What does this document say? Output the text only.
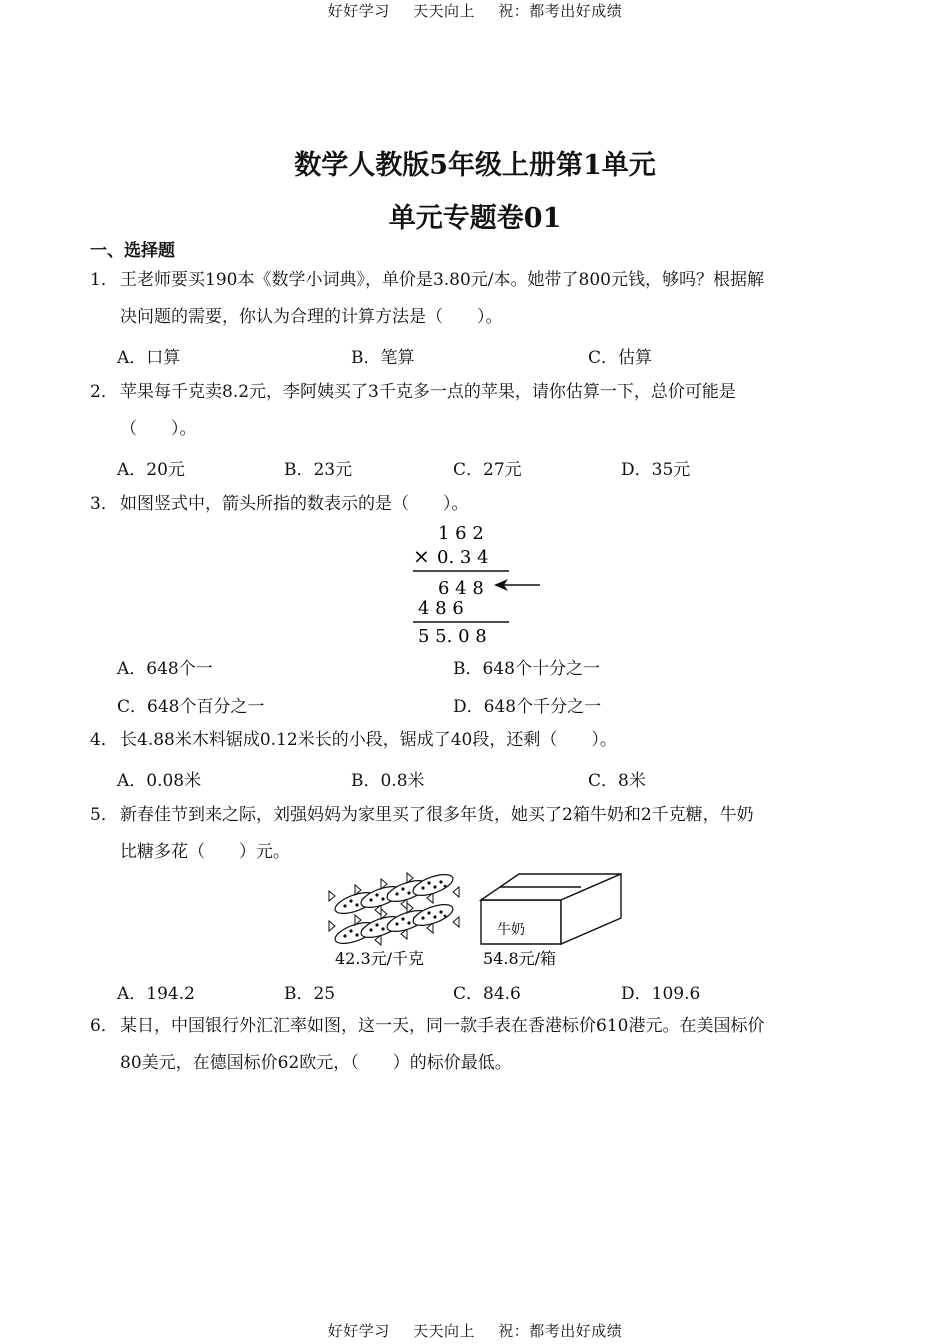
好好学习 天天向上 祝：都考出好成绩
数学人教版5年级上册第1单元
单元专题卷01
一、选择题
1． 王老师要买190本《数学小词典》，单价是3.80元/本。她带了800元钱，够吗？根据解
决问题的需要，你认为合理的计算方法是（　　）。
A．口算	B．笔算	C．估算
2． 苹果每千克卖8.2元，李阿姨买了3千克多一点的苹果，请你估算一下，总价可能是
（　　）。
A．20元	B．23元	C．27元	D．35元
3． 如图竖式中，箭头所指的数表示的是（　　）。
1 6 2
× 0. 3 4
6 4 8
4 8 6
5 5. 0 8
A．648个一	B．648个十分之一
C．648个百分之一	D．648个千分之一
4． 长4.88米木料锯成0.12米长的小段，锯成了40段，还剩（　　）。
A．0.08米	B．0.8米	C．8米
5． 新春佳节到来之际，刘强妈妈为家里买了很多年货，她买了2箱牛奶和2千克糖，牛奶
比糖多花（　　）元。
牛奶
42.3元/千克	54.8元/箱
A．194.2	B．25	C．84.6	D．109.6
6． 某日，中国银行外汇汇率如图，这一天，同一款手表在香港标价610港元。在美国标价
80美元，在德国标价62欧元，（　　）的标价最低。
好好学习 天天向上 祝：都考出好成绩
